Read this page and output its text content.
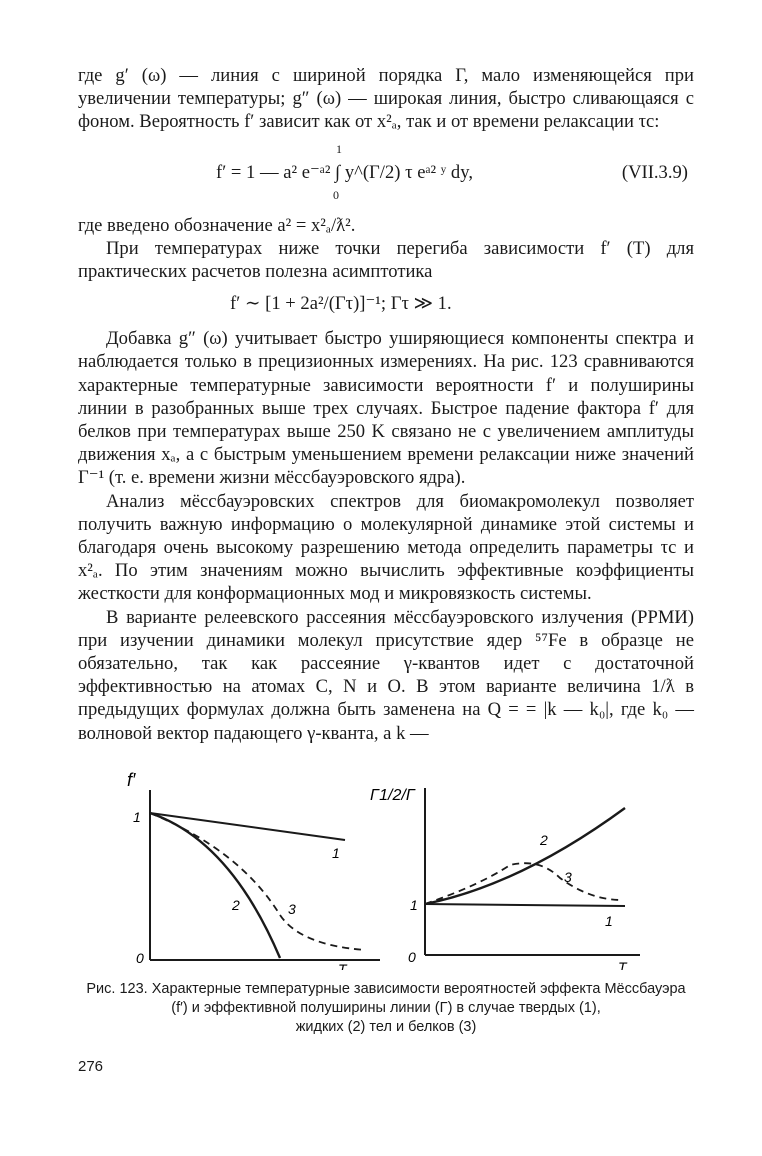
где g′ (ω) — линия с шириной порядка Γ, мало изменяющейся при увеличении температуры; g″ (ω) — широкая линия, быстро сливающаяся с фоном. Вероятность f′ зависит как от x²ₐ, так и от времени релаксации τc:

1
f′ = 1 — a² e⁻ᵃ² ∫ y^(Γ/2) τ eᵃ² ʸ dy,
0
(VII.3.9)

где введено обозначение a² = x²ₐ/ƛ².

При температурах ниже точки перегиба зависимости f′ (T) для практических расчетов полезна асимптотика

f′ ∼ [1 + 2a²/(Γτ)]⁻¹; Γτ ≫ 1.

Добавка g″ (ω) учитывает быстро уширяющиеся компоненты спектра и наблюдается только в прецизионных измерениях. На рис. 123 сравниваются характерные температурные зависимости вероятности f′ и полуширины линии в разобранных выше трех случаях. Быстрое падение фактора f′ для белков при температурах выше 250 K связано не с увеличением амплитуды движения xₐ, а с быстрым уменьшением времени релаксации ниже значений Γ⁻¹ (т. е. времени жизни мёссбауэровского ядра).

Анализ мёссбауэровских спектров для биомакромолекул позволяет получить важную информацию о молекулярной динамике этой системы и благодаря очень высокому разрешению метода определить параметры τc и x²ₐ. По этим значениям можно вычислить эффективные коэффициенты жесткости для конформационных мод и микровязкость системы.

В варианте релеевского рассеяния мёссбауэровского излучения (РРМИ) при изучении динамики молекул присутствие ядер ⁵⁷Fe в образце не обязательно, так как рассеяние γ-квантов идет с достаточной эффективностью на атомах C, N и O. В этом варианте величина 1/ƛ в предыдущих формулах должна быть заменена на Q = = |k — k₀|, где k₀ — волновой вектор падающего γ-кванта, а k —

f′
1
0
T
1
2	3
Γ1/2/Γ
1
0
T
2
3
1
Рис. 123. Характерные температурные зависимости вероятностей эффекта Мёссбауэра (f′) и эффективной полуширины линии (Γ) в случае твердых (1),
жидких (2) тел и белков (3)
276
